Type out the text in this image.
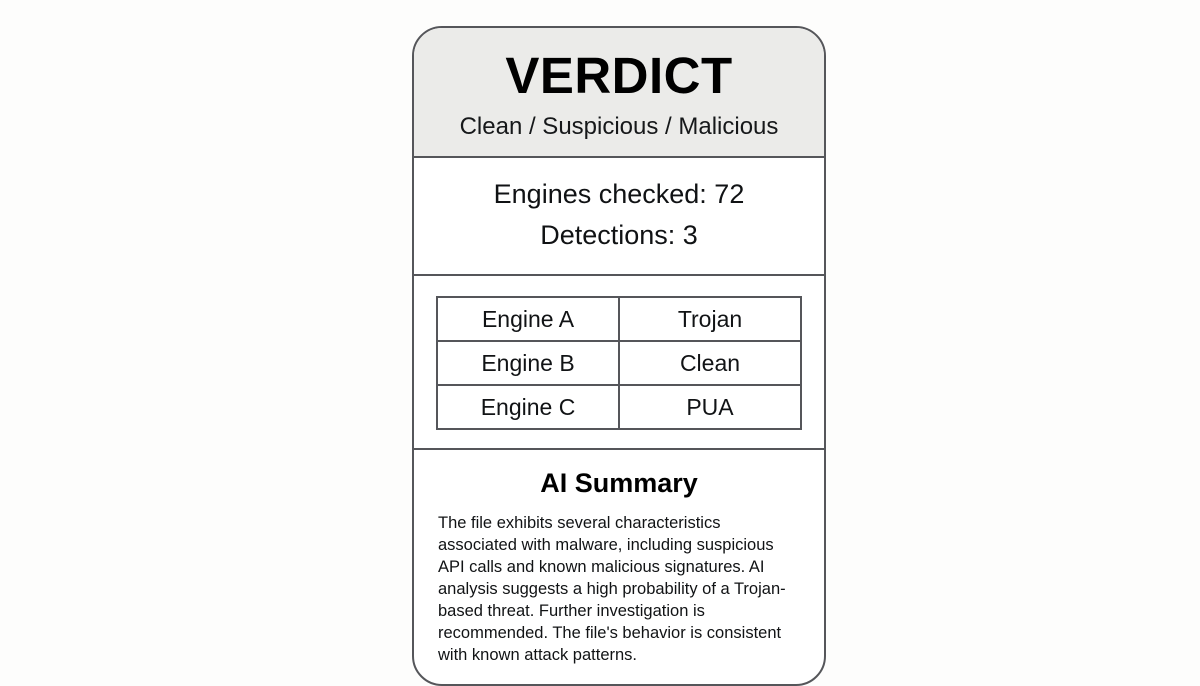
VERDICT
Clean / Suspicious / Malicious
Engines checked: 72
Detections: 3
Engine A	Trojan
Engine B	Clean
Engine C	PUA
AI Summary

The file exhibits several characteristics associated with malware, including suspicious API calls and known malicious signatures. AI analysis suggests a high probability of a Trojan-based threat. Further investigation is recommended. The file's behavior is consistent with known attack patterns.
